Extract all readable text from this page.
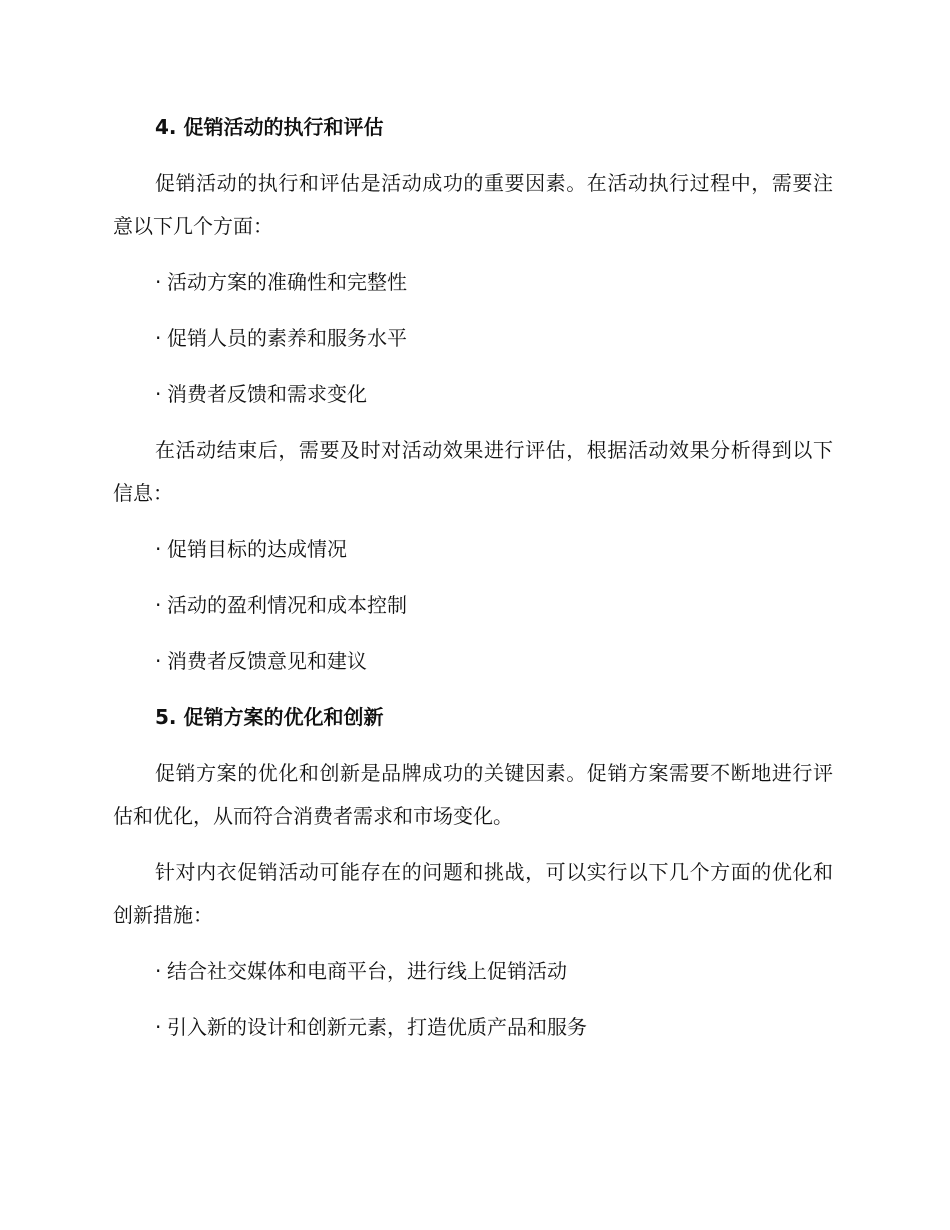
4. 促销活动的执行和评估

促销活动的执行和评估是活动成功的重要因素。在活动执行过程中，需要注意以下几个方面：

· 活动方案的准确性和完整性
· 促销人员的素养和服务水平
· 消费者反馈和需求变化

在活动结束后，需要及时对活动效果进行评估，根据活动效果分析得到以下信息：

· 促销目标的达成情况
· 活动的盈利情况和成本控制
· 消费者反馈意见和建议
5. 促销方案的优化和创新

促销方案的优化和创新是品牌成功的关键因素。促销方案需要不断地进行评估和优化，从而符合消费者需求和市场变化。

针对内衣促销活动可能存在的问题和挑战，可以实行以下几个方面的优化和创新措施：

· 结合社交媒体和电商平台，进行线上促销活动
· 引入新的设计和创新元素，打造优质产品和服务
